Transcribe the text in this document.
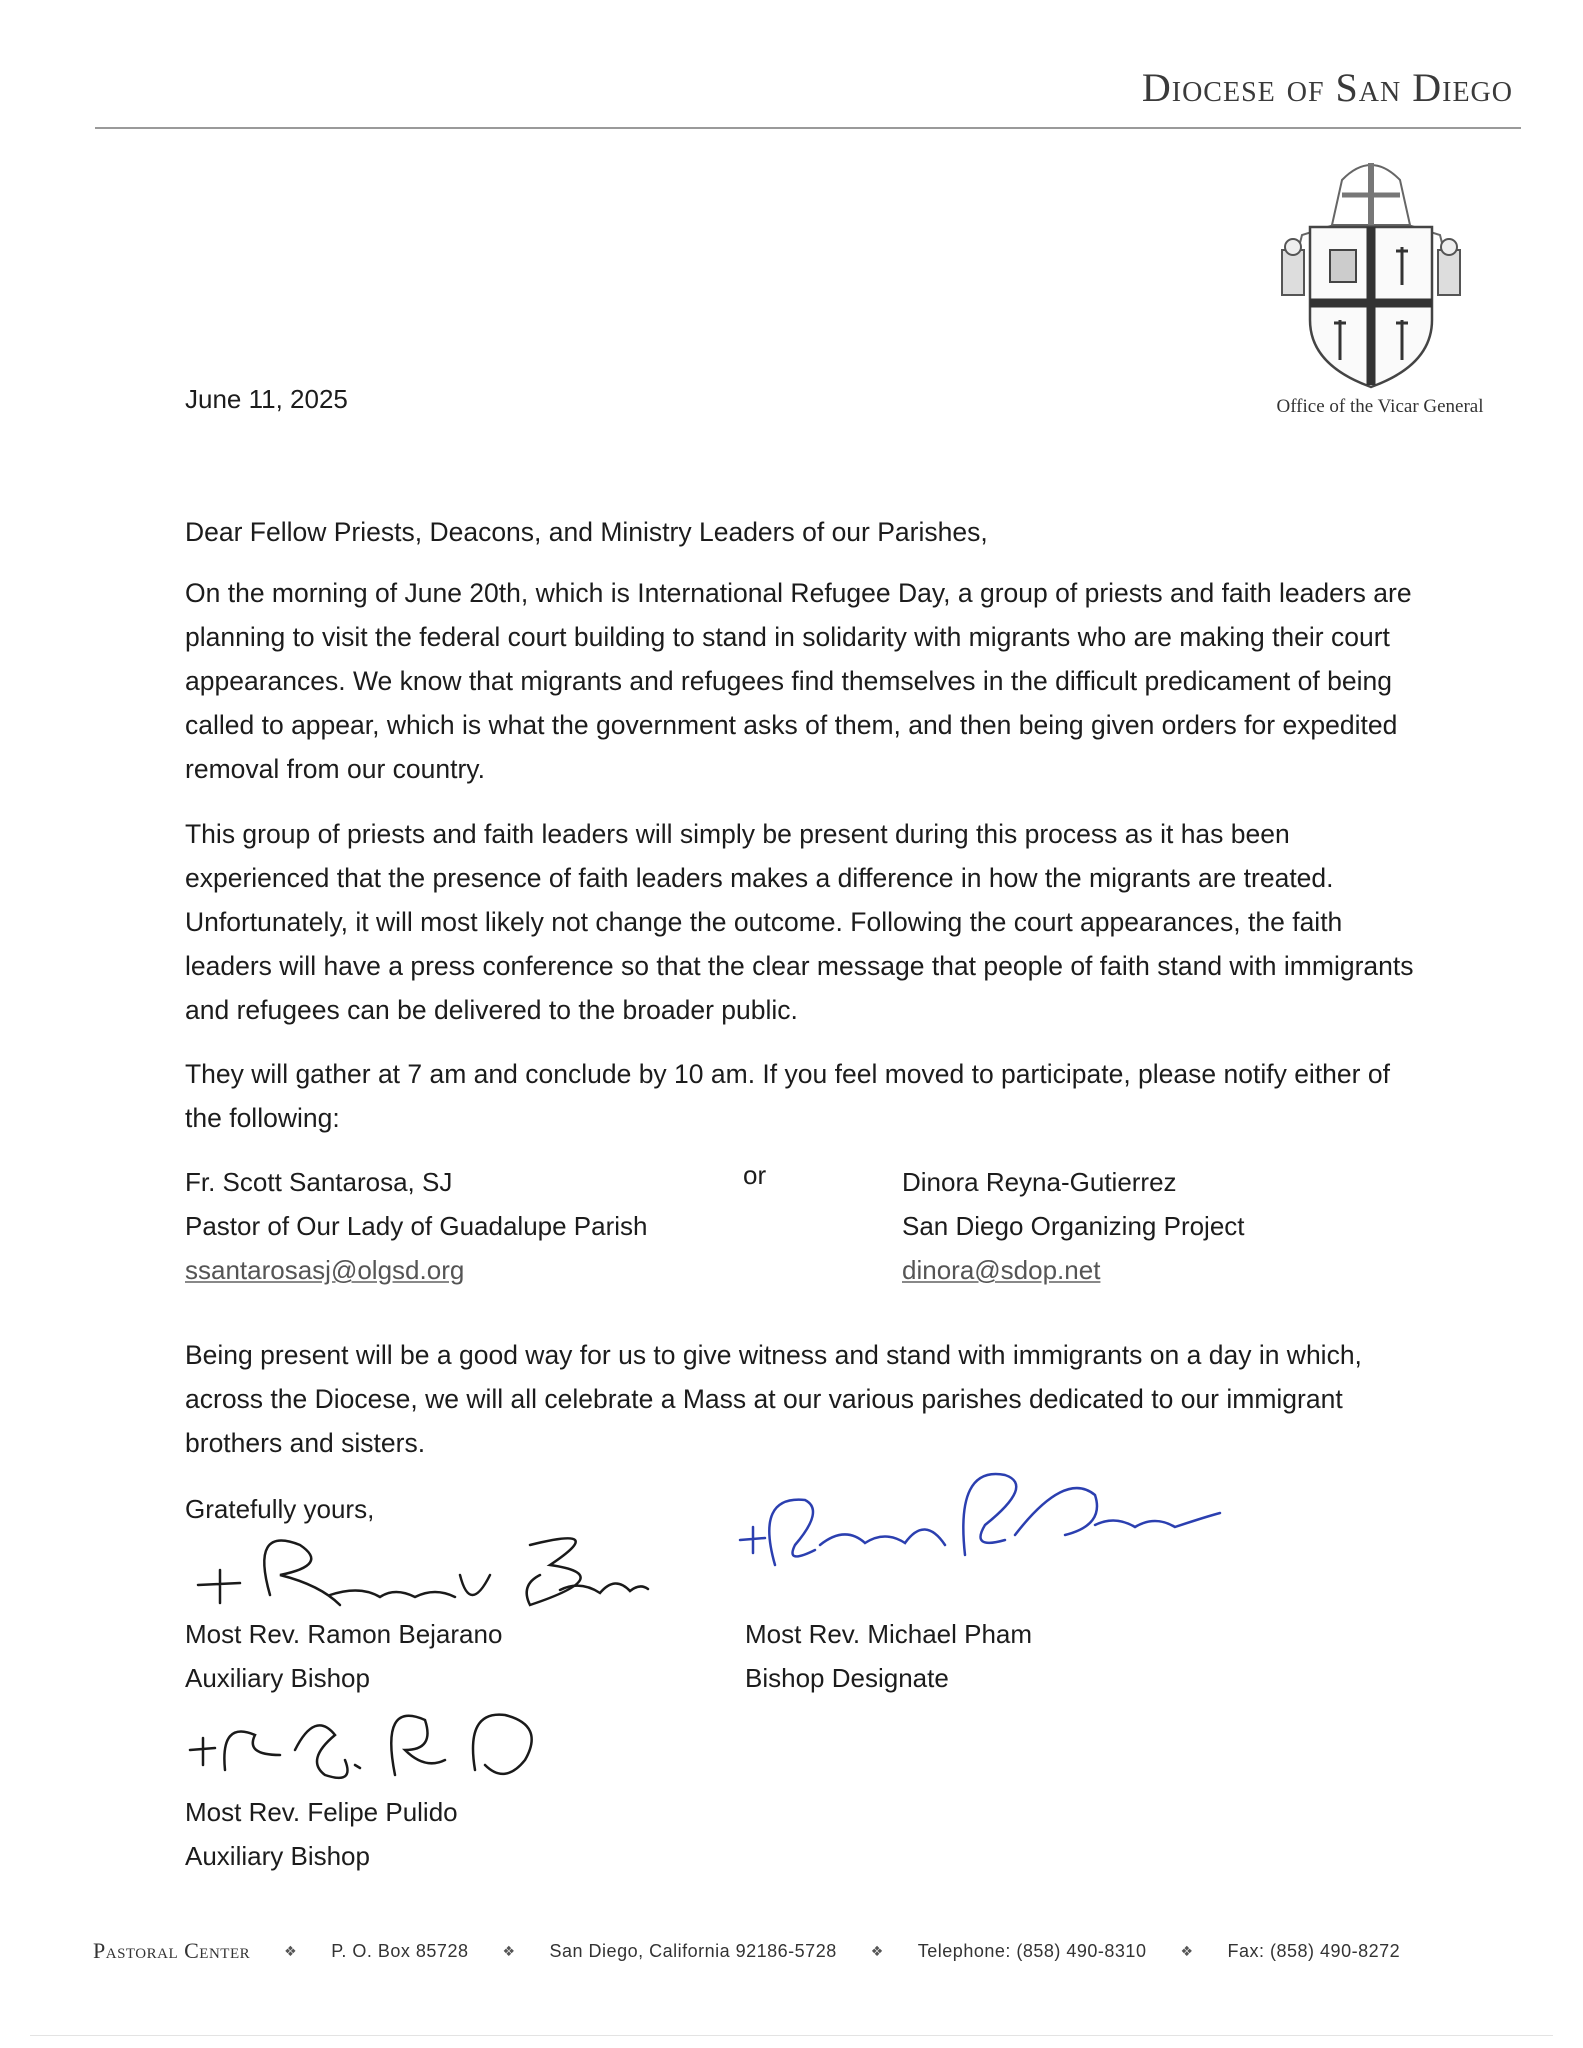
Diocese of San Diego
Office of the Vicar General
June 11, 2025

Dear Fellow Priests, Deacons, and Ministry Leaders of our Parishes,

On the morning of June 20th, which is International Refugee Day, a group of priests and faith leaders are planning to visit the federal court building to stand in solidarity with migrants who are making their court appearances. We know that migrants and refugees find themselves in the difficult predicament of being called to appear, which is what the government asks of them, and then being given orders for expedited removal from our country.

This group of priests and faith leaders will simply be present during this process as it has been experienced that the presence of faith leaders makes a difference in how the migrants are treated. Unfortunately, it will most likely not change the outcome. Following the court appearances, the faith leaders will have a press conference so that the clear message that people of faith stand with immigrants and refugees can be delivered to the broader public.

They will gather at 7 am and conclude by 10 am. If you feel moved to participate, please notify either of the following:

Fr. Scott Santarosa, SJ
Pastor of Our Lady of Guadalupe Parish
ssantarosasj@olgsd.org
or	Dinora Reyna-Gutierrez
San Diego Organizing Project
dinora@sdop.net

Being present will be a good way for us to give witness and stand with immigrants on a day in which, across the Diocese, we will all celebrate a Mass at our various parishes dedicated to our immigrant brothers and sisters.

Gratefully yours,
Most Rev. Ramon Bejarano
Auxiliary Bishop
Most Rev. Michael Pham
Bishop Designate
Most Rev. Felipe Pulido
Auxiliary Bishop
Pastoral Center ❖ P. O. Box 85728 ❖ San Diego, California 92186-5728 ❖ Telephone: (858) 490-8310 ❖ Fax: (858) 490-8272
